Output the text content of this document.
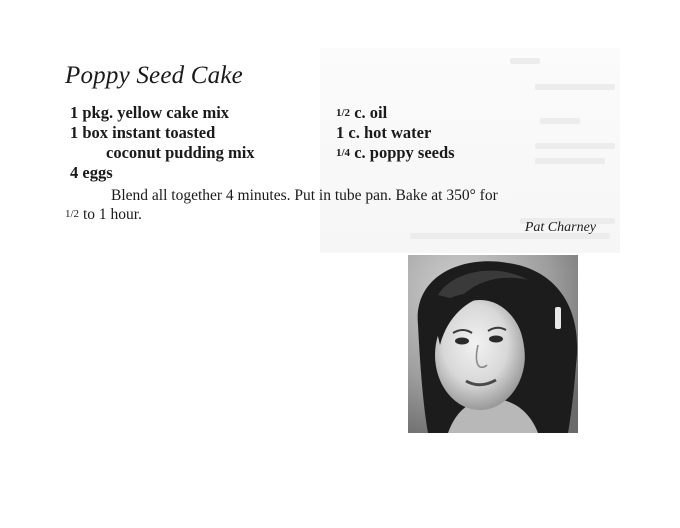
Poppy Seed Cake
1 pkg. yellow cake mix
1 box instant toasted
coconut pudding mix
4 eggs
1/2 c. oil
1 c. hot water
1/4 c. poppy seeds
Blend all together 4 minutes. Put in tube pan. Bake at 350° for
1/2 to 1 hour.
Pat Charney
